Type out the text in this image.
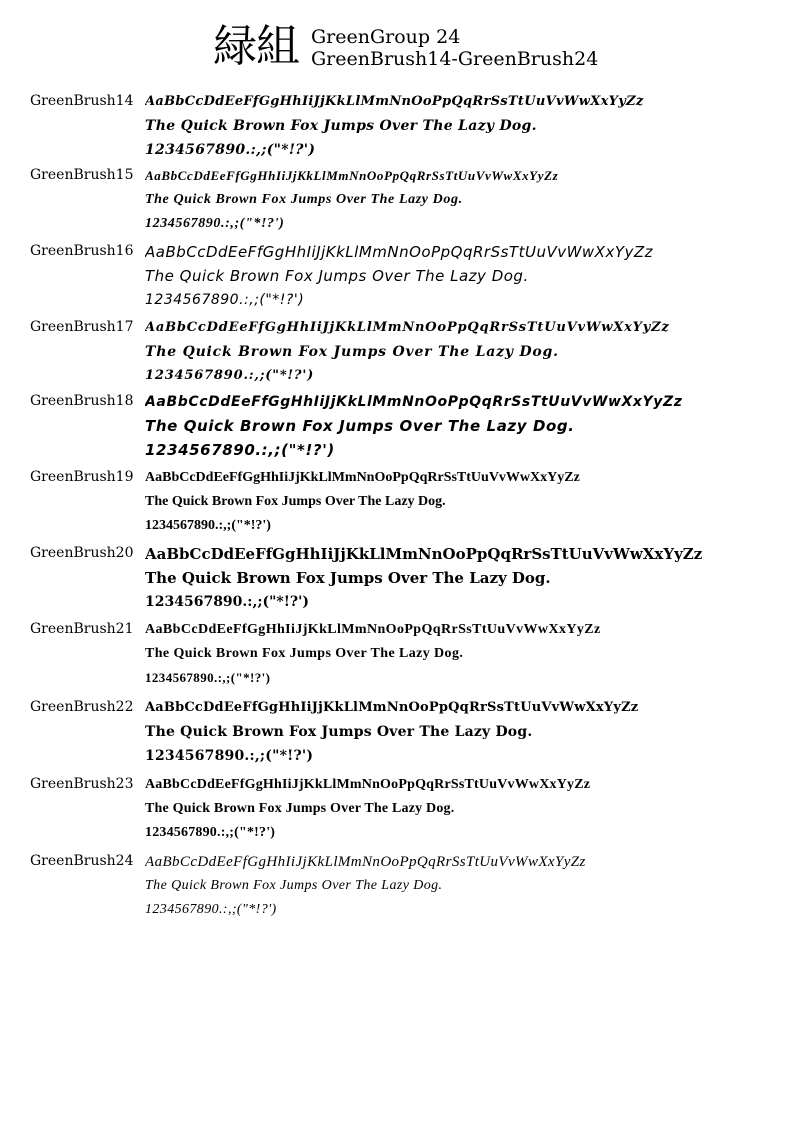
緑組 GreenGroup 24
GreenBrush14-GreenBrush24
GreenBrush14 AaBbCcDdEeFfGgHhIiJjKkLlMmNnOoPpQqRrSsTtUuVvWwXxYyZz
The Quick Brown Fox Jumps Over The Lazy Dog.
1234567890.:,;("*!?')
GreenBrush15 AaBbCcDdEeFfGgHhIiJjKkLlMmNnOoPpQqRrSsTtUuVvWwXxYyZz
The Quick Brown Fox Jumps Over The Lazy Dog.
1234567890.:,;("*!?')
GreenBrush16 AaBbCcDdEeFfGgHhIiJjKkLlMmNnOoPpQqRrSsTtUuVvWwXxYyZz
The Quick Brown Fox Jumps Over The Lazy Dog.
1234567890.:,;("*!?')
GreenBrush17 AaBbCcDdEeFfGgHhIiJjKkLlMmNnOoPpQqRrSsTtUuVvWwXxYyZz
The Quick Brown Fox Jumps Over The Lazy Dog.
1234567890.:,;("*!?')
GreenBrush18 AaBbCcDdEeFfGgHhIiJjKkLlMmNnOoPpQqRrSsTtUuVvWwXxYyZz
The Quick Brown Fox Jumps Over The Lazy Dog.
1234567890.:,;("*!?')
GreenBrush19 AaBbCcDdEeFfGgHhIiJjKkLlMmNnOoPpQqRrSsTtUuVvWwXxYyZz
The Quick Brown Fox Jumps Over The Lazy Dog.
1234567890.:,;("*!?')
GreenBrush20 AaBbCcDdEeFfGgHhIiJjKkLlMmNnOoPpQqRrSsTtUuVvWwXxYyZz
The Quick Brown Fox Jumps Over The Lazy Dog.
1234567890.:,;("*!?')
GreenBrush21 AaBbCcDdEeFfGgHhIiJjKkLlMmNnOoPpQqRrSsTtUuVvWwXxYyZz
The Quick Brown Fox Jumps Over The Lazy Dog.
1234567890.:,;("*!?')
GreenBrush22 AaBbCcDdEeFfGgHhIiJjKkLlMmNnOoPpQqRrSsTtUuVvWwXxYyZz
The Quick Brown Fox Jumps Over The Lazy Dog.
1234567890.:,;("*!?')
GreenBrush23 AaBbCcDdEeFfGgHhIiJjKkLlMmNnOoPpQqRrSsTtUuVvWwXxYyZz
The Quick Brown Fox Jumps Over The Lazy Dog.
1234567890.:,;("*!?')
GreenBrush24 AaBbCcDdEeFfGgHhIiJjKkLlMmNnOoPpQqRrSsTtUuVvWwXxYyZz
The Quick Brown Fox Jumps Over The Lazy Dog.
1234567890.:,;("*!?')
